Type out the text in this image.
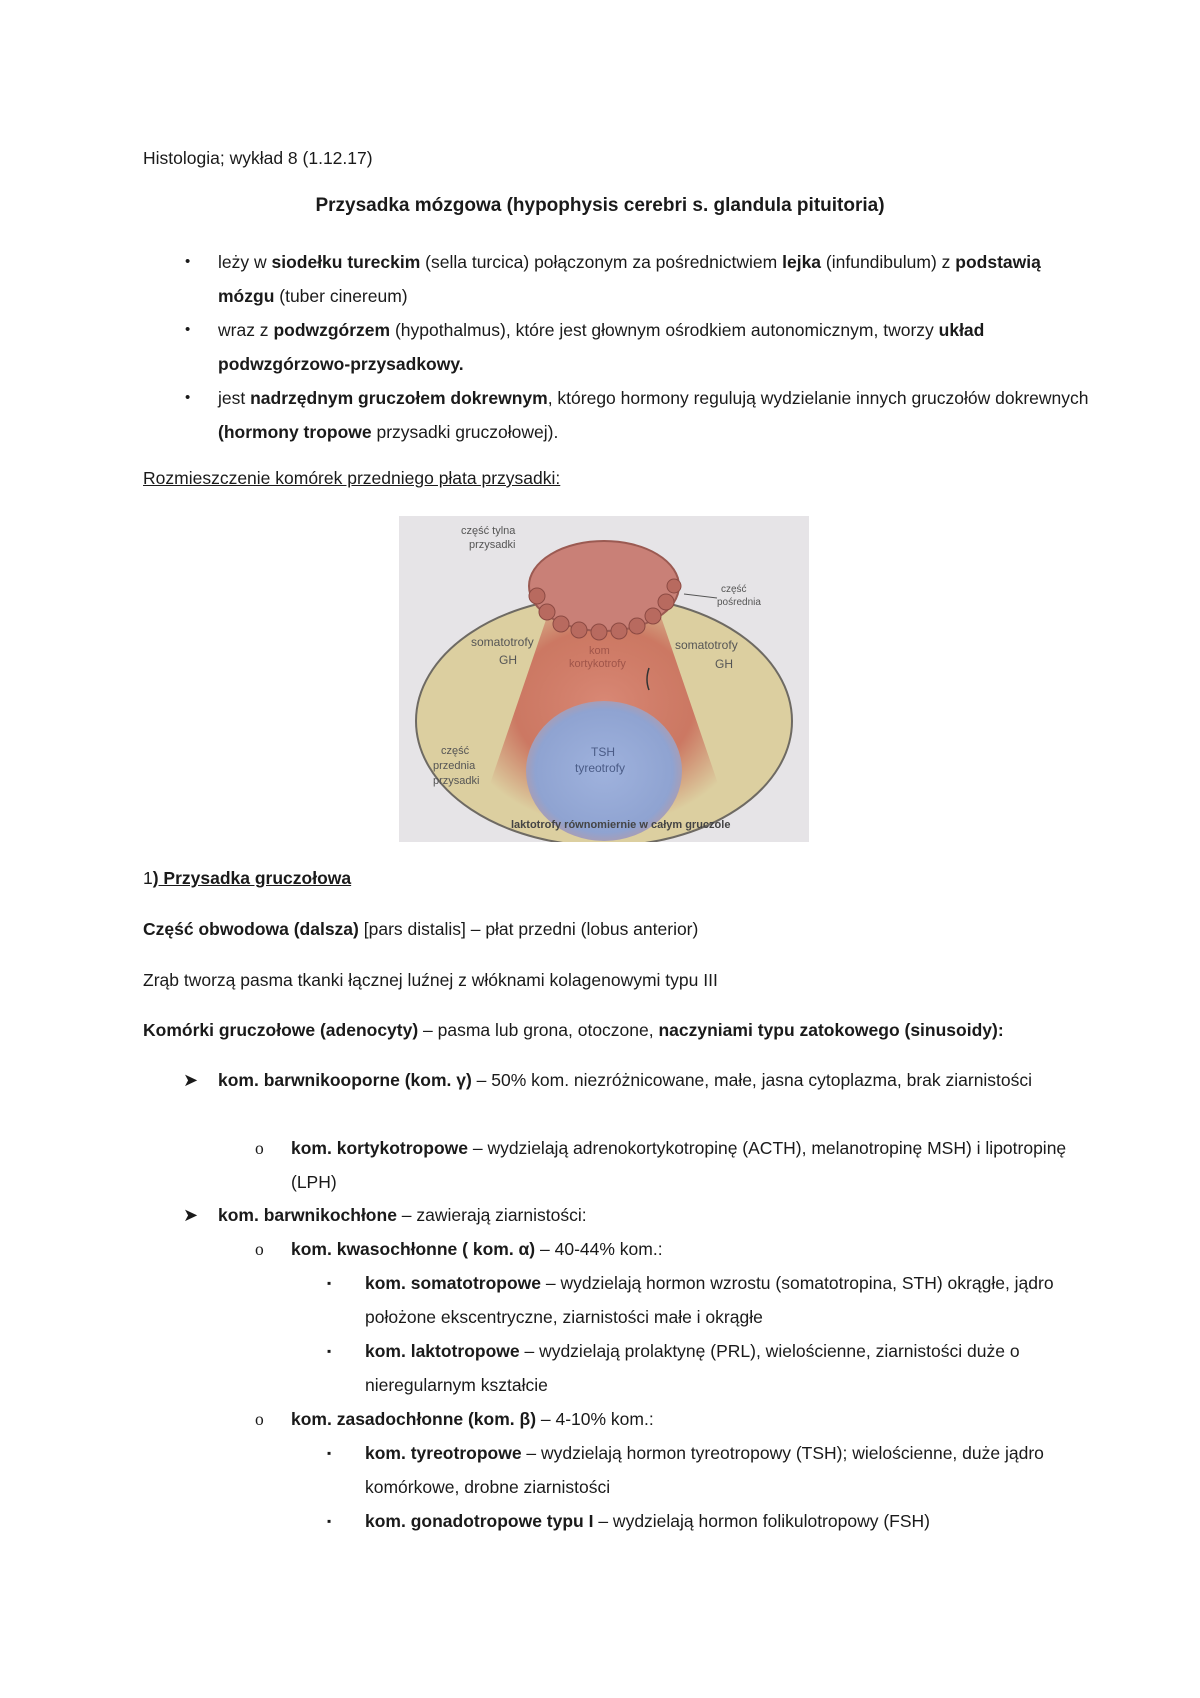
Histologia; wykład 8 (1.12.17)
Przysadka mózgowa (hypophysis cerebri s. glandula pituitoria)
• leży w siodełku tureckim (sella turcica) połączonym za pośrednictwiem lejka (infundibulum) z podstawią mózgu (tuber cinereum)
• wraz z podwzgórzem (hypothalmus), które jest głownym ośrodkiem autonomicznym, tworzy układ podwzgórzowo-przysadkowy.
• jest nadrzędnym gruczołem dokrewnym, którego hormony regulują wydzielanie innych gruczołów dokrewnych (hormony tropowe przysadki gruczołowej).
Rozmieszczenie komórek przedniego płata przysadki:
część tylna
przysadki
część
pośrednia
somatotrofy
GH
somatotrofy
GH
kom
kortykotrofy
TSH
tyreotrofy
część
przednia
przysadki
laktotrofy równomiernie w całym gruczole
1) Przysadka gruczołowa
Część obwodowa (dalsza) [pars distalis] – płat przedni (lobus anterior)
Zrąb tworzą pasma tkanki łącznej luźnej z włóknami kolagenowymi typu III
Komórki gruczołowe (adenocyty) – pasma lub grona, otoczone, naczyniami typu zatokowego (sinusoidy):
➤	kom. barwnikooporne (kom. γ) – 50% kom. niezróżnicowane, małe, jasna cytoplazma, brak ziarnistości
o	kom. kortykotropowe – wydzielają adrenokortykotropinę (ACTH), melanotropinę MSH) i lipotropinę (LPH)
➤	kom. barwnikochłone – zawierają ziarnistości:
o	kom. kwasochłonne ( kom. α) – 40-44% kom.:
▪	kom. somatotropowe – wydzielają hormon wzrostu (somatotropina, STH) okrągłe, jądro położone ekscentryczne, ziarnistości małe i okrągłe
▪	kom. laktotropowe – wydzielają prolaktynę (PRL), wielościenne, ziarnistości duże o nieregularnym kształcie
o	kom. zasadochłonne (kom. β) – 4-10% kom.:
▪	kom. tyreotropowe – wydzielają hormon tyreotropowy (TSH); wielościenne, duże jądro komórkowe, drobne ziarnistości
▪	kom. gonadotropowe typu I – wydzielają hormon folikulotropowy (FSH)
